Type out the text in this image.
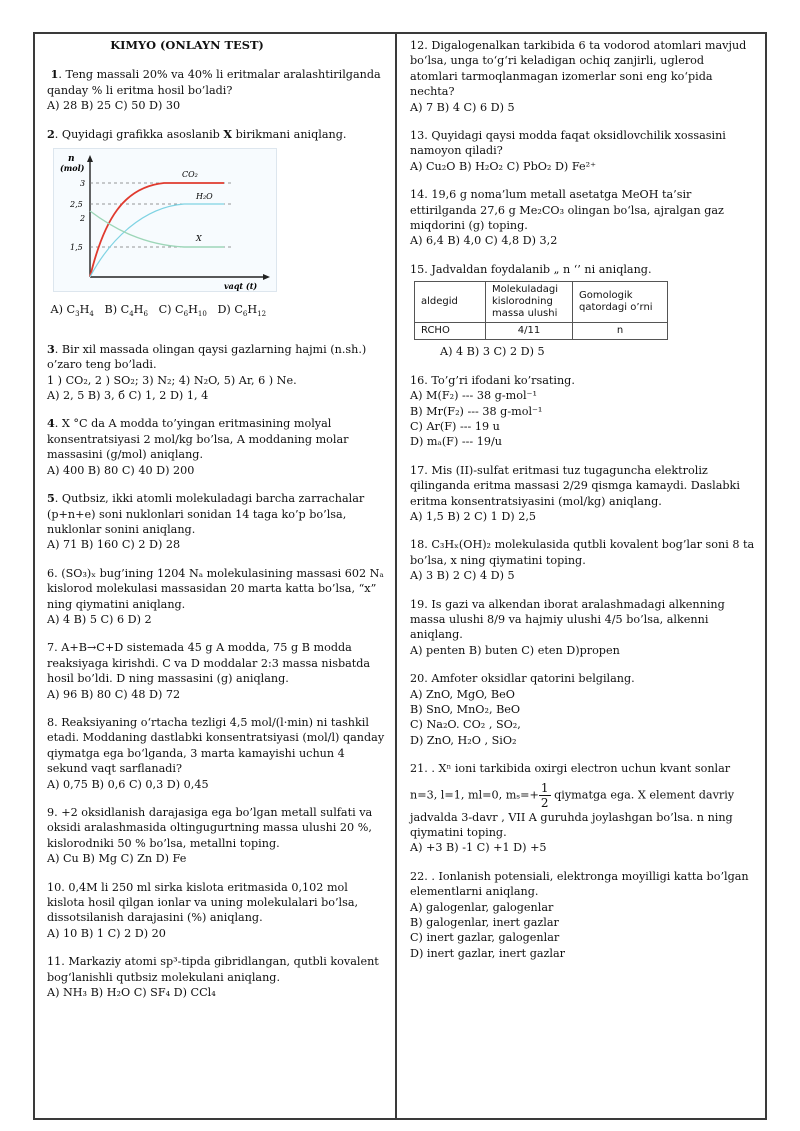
KIMYO (ONLAYN TEST)

1. Teng massali 20% va 40% li eritmalar aralashtirilganda qanday % li eritma hosil bo’ladi?

A) 28 B) 25 C) 50 D) 30

2. Quyidagi grafikka asoslanib X birikmani aniqlang.

n
(mol)
vaqt (t)
3
2,5
2
1,5
CO₂
H₂O
X

A) $C_3H_4$   B) $C_4H_6$   C) $C_6H_{10}$   D) $C_6H_{12}$

3. Bir xil massada olingan qaysi gazlarning hajmi (n.sh.) o’zaro teng bo’ladi.

1 ) CO₂, 2 ) SO₂; 3) N₂; 4) N₂O, 5) Ar, 6 ) Ne.

A) 2, 5 B) 3, б C) 1, 2 D) 1, 4

4. X °C da A modda to’yingan eritmasining molyal konsentratsiyasi 2 mol/kg bo’lsa, A moddaning molar massasini (g/mol) aniqlang.

A) 400 B) 80 C) 40 D) 200

5. Qutbsiz, ikki atomli molekuladagi barcha zarrachalar (p+n+e) soni nuklonlari sonidan 14 taga ko’p bo’lsa, nuklonlar sonini aniqlang.

A) 71 B) 160 C) 2 D) 28

6. (SO₃)ₓ bug’ining 1204 Nₐ molekulasining massasi 602 Nₐ kislorod molekulasi massasidan 20 marta katta bo’lsa, “x” ning qiymatini aniqlang.

A) 4 B) 5 C) 6 D) 2

7. A+B→C+D sistemada 45 g A modda, 75 g B modda reaksiyaga kirishdi. C va D moddalar 2:3 massa nisbatda hosil bo’ldi. D ning massasini (g) aniqlang.

A) 96 B) 80 C) 48 D) 72

8. Reaksiyaning o‘rtacha tezligi 4,5 mol/(l·min) ni tashkil etadi. Moddaning dastlabki konsentratsiyasi (mol/l) qanday qiymatga ega bo‘lganda, 3 marta kamayishi uchun 4 sekund vaqt sarflanadi?

A) 0,75 B) 0,6 C) 0,3 D) 0,45

9. +2 oksidlanish darajasiga ega bo’lgan metall sulfati va oksidi aralashmasida oltingugurtning massa ulushi 20 %, kislorodniki 50 % bo’lsa, metallni toping.

A) Cu B) Mg C) Zn D) Fe

10. 0,4M li 250 ml sirka kislota eritmasida 0,102 mol kislota hosil qilgan ionlar va uning molekulalari bo’lsa, dissotsilanish darajasini (%) aniqlang.

A) 10 B) 1 C) 2 D) 20

11. Markaziy atomi sp³-tipda gibridlangan, qutbli kovalent bog‘lanishli qutbsiz molekulani aniqlang.

A) NH₃ B) H₂O C) SF₄ D) CCl₄

12. Digalogenalkan tarkibida 6 ta vodorod atomlari mavjud bo‘lsa, unga to‘g‘ri keladigan ochiq zanjirli, uglerod atomlari tarmoqlanmagan izomerlar soni eng ko‘pida nechta?

A) 7 B) 4 C) 6 D) 5

13. Quyidagi qaysi modda faqat oksidlovchilik xossasini namoyon qiladi?

A) Cu₂O B) H₂O₂ C) PbO₂ D) Fe²⁺

14. 19,6 g noma’lum metall asetatga MeOH ta’sir ettirilganda 27,6 g Me₂CO₃ olingan bo‘lsa, ajralgan gaz miqdorini (g) toping.

A) 6,4 B) 4,0 C) 4,8 D) 3,2

15. Jadvaldan foydalanib „ n ‘’ ni aniqlang.

aldegid	Molekuladagi kislorodning massa ulushi	Gomologik qatordagi o’rni
RCHO	4/11	n

A) 4 B) 3 C) 2 D) 5

16. To’g’ri ifodani ko’rsating.

A) M(F₂) --- 38 g-mol⁻¹

B) Mr(F₂) --- 38 g-mol⁻¹

C) Ar(F) --- 19 u

D) mₐ(F) --- 19/u

17. Mis (II)-sulfat eritmasi tuz tugaguncha elektroliz qilinganda eritma massasi 2/29 qismga kamaydi. Daslabki eritma konsentratsiyasini (mol/kg) aniqlang.

A) 1,5 B) 2 C) 1 D) 2,5

18. C₃Hₓ(OH)₂ molekulasida qutbli kovalent bog’lar soni 8 ta bo’lsa, x ning qiymatini toping.

A) 3 B) 2 C) 4 D) 5

19. Is gazi va alkendan iborat aralashmadagi alkenning massa ulushi 8/9 va hajmiy ulushi 4/5 bo’lsa, alkenni aniqlang.

A) penten B) buten C) eten D)propen

20. Amfoter oksidlar qatorini belgilang.

A) ZnO, MgO, BeO

B) SnO, MnO₂, BeO

C) Na₂O. CO₂ , SO₂,

D) ZnO, H₂O , SiO₂

21. . Xⁿ ioni tarkibida oxirgi electron uchun kvant sonlar

n=3, l=1, ml=0, $m_s=+ \frac{1}{2}$ qiymatga ega. X element davriy jadvalda 3-davr , VII A guruhda joylashgan bo’lsa. n ning qiymatini toping.

A) +3 B) -1 C) +1 D) +5

22. . Ionlanish potensiali, elektronga moyilligi katta bo’lgan elementlarni aniqlang.

A) galogenlar, galogenlar

B) galogenlar, inert gazlar

C) inert gazlar, galogenlar

D) inert gazlar, inert gazlar
